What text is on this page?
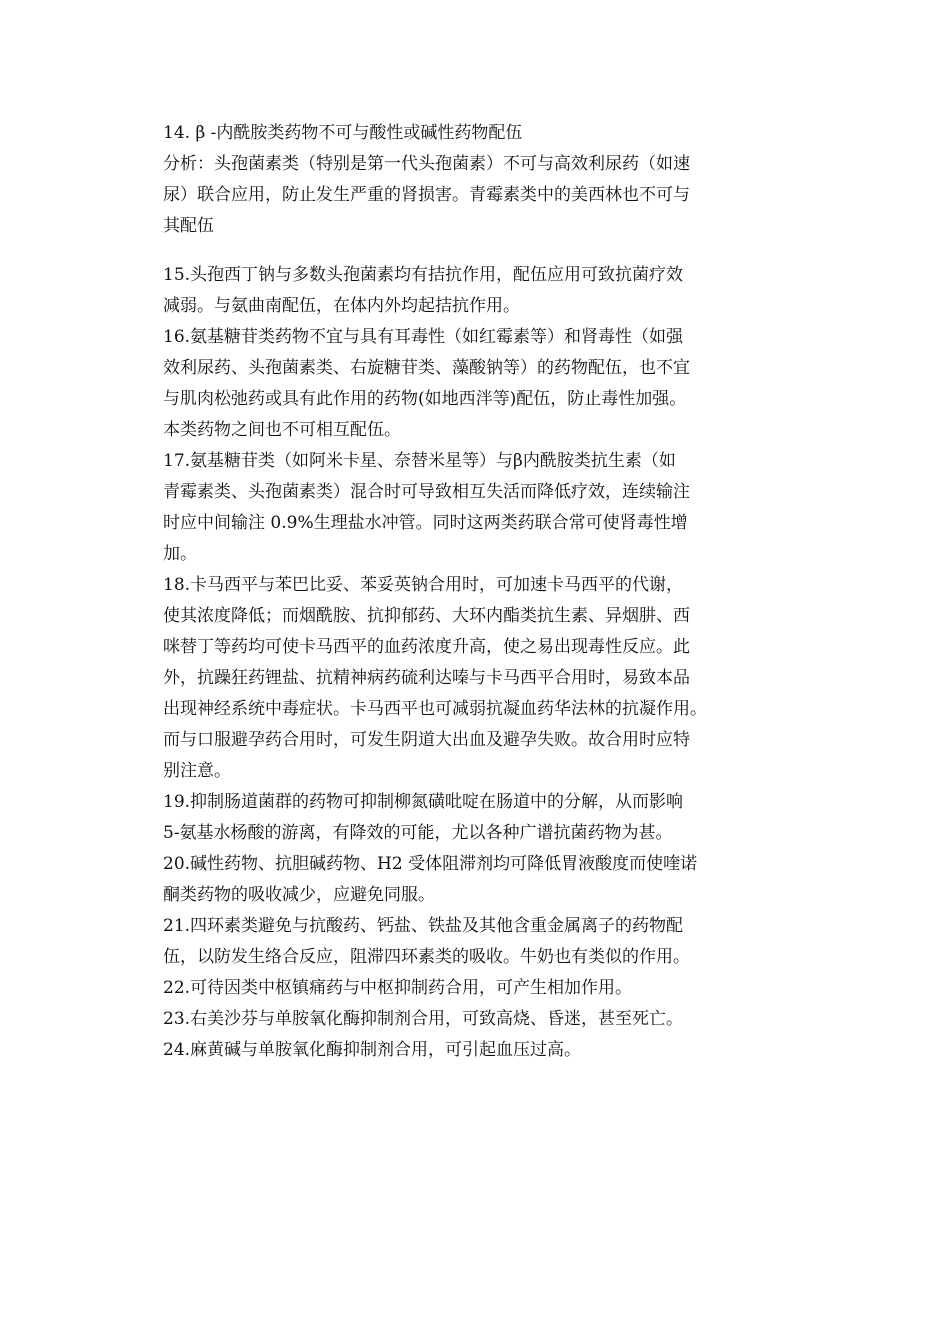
14. β -内酰胺类药物不可与酸性或碱性药物配伍
分析：头孢菌素类（特别是第一代头孢菌素）不可与高效利尿药（如速
尿）联合应用，防止发生严重的肾损害。青霉素类中的美西林也不可与
其配伍
15.头孢西丁钠与多数头孢菌素均有拮抗作用，配伍应用可致抗菌疗效
减弱。与氨曲南配伍，在体内外均起拮抗作用。
16.氨基糖苷类药物不宜与具有耳毒性（如红霉素等）和肾毒性（如强
效利尿药、头孢菌素类、右旋糖苷类、藻酸钠等）的药物配伍，也不宜
与肌肉松弛药或具有此作用的药物(如地西泮等)配伍，防止毒性加强。
本类药物之间也不可相互配伍。
17.氨基糖苷类（如阿米卡星、奈替米星等）与β内酰胺类抗生素（如
青霉素类、头孢菌素类）混合时可导致相互失活而降低疗效，连续输注
时应中间输注 0.9%生理盐水冲管。同时这两类药联合常可使肾毒性增
加。
18.卡马西平与苯巴比妥、苯妥英钠合用时，可加速卡马西平的代谢，
使其浓度降低；而烟酰胺、抗抑郁药、大环内酯类抗生素、异烟肼、西
咪替丁等药均可使卡马西平的血药浓度升高，使之易出现毒性反应。此
外，抗躁狂药锂盐、抗精神病药硫利达嗪与卡马西平合用时，易致本品
出现神经系统中毒症状。卡马西平也可减弱抗凝血药华法林的抗凝作用。
而与口服避孕药合用时，可发生阴道大出血及避孕失败。故合用时应特
别注意。
19.抑制肠道菌群的药物可抑制柳氮磺吡啶在肠道中的分解，从而影响
5-氨基水杨酸的游离，有降效的可能，尤以各种广谱抗菌药物为甚。
20.碱性药物、抗胆碱药物、H2 受体阻滞剂均可降低胃液酸度而使喹诺
酮类药物的吸收减少，应避免同服。
21.四环素类避免与抗酸药、钙盐、铁盐及其他含重金属离子的药物配
伍，以防发生络合反应，阻滞四环素类的吸收。牛奶也有类似的作用。
22.可待因类中枢镇痛药与中枢抑制药合用，可产生相加作用。
23.右美沙芬与单胺氧化酶抑制剂合用，可致高烧、昏迷，甚至死亡。
24.麻黄碱与单胺氧化酶抑制剂合用，可引起血压过高。
